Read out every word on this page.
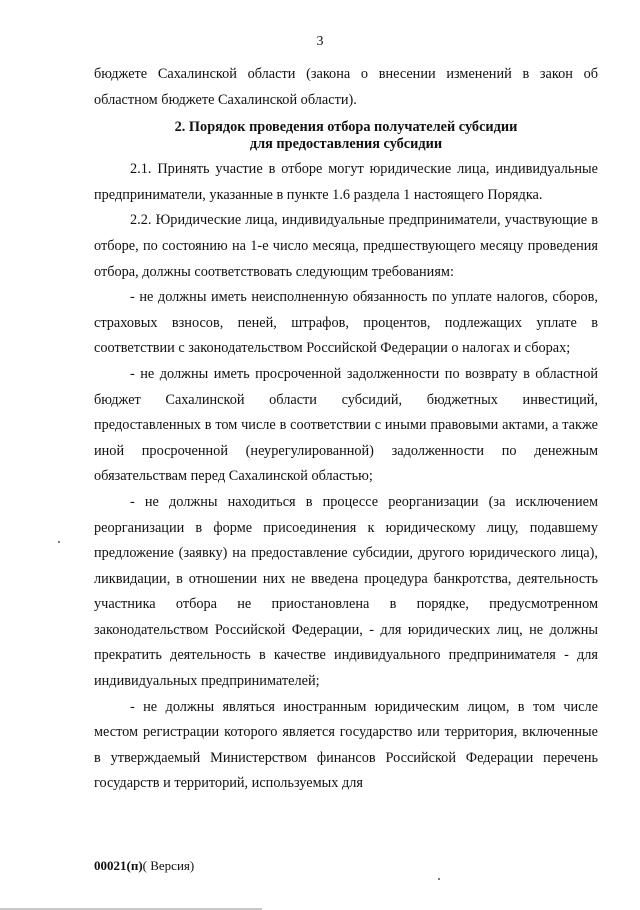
3

бюджете Сахалинской области (закона о внесении изменений в закон об областном бюджете Сахалинской области).

2. Порядок проведения отбора получателей субсидии
для предоставления субсидии

2.1. Принять участие в отборе могут юридические лица, индивидуальные предприниматели, указанные в пункте 1.6 раздела 1 настоящего Порядка.

2.2. Юридические лица, индивидуальные предприниматели, участвующие в отборе, по состоянию на 1-е число месяца, предшествующего месяцу проведения отбора, должны соответствовать следующим требованиям:

- не должны иметь неисполненную обязанность по уплате налогов, сборов, страховых взносов, пеней, штрафов, процентов, подлежащих уплате в соответствии с законодательством Российской Федерации о налогах и сборах;

- не должны иметь просроченной задолженности по возврату в областной бюджет Сахалинской области субсидий, бюджетных инвестиций, предоставленных в том числе в соответствии с иными правовыми актами, а также иной просроченной (неурегулированной) задолженности по денежным обязательствам перед Сахалинской областью;

- не должны находиться в процессе реорганизации (за исключением реорганизации в форме присоединения к юридическому лицу, подавшему предложение (заявку) на предоставление субсидии, другого юридического лица), ликвидации, в отношении них не введена процедура банкротства, деятельность участника отбора не приостановлена в порядке, предусмотренном законодательством Российской Федерации, - для юридических лиц, не должны прекратить деятельность в качестве индивидуального предпринимателя - для индивидуальных предпринимателей;

- не должны являться иностранным юридическим лицом, в том числе местом регистрации которого является государство или территория, включенные в утверждаемый Министерством финансов Российской Федерации перечень государств и территорий, используемых для

00021(п)( Версия)
